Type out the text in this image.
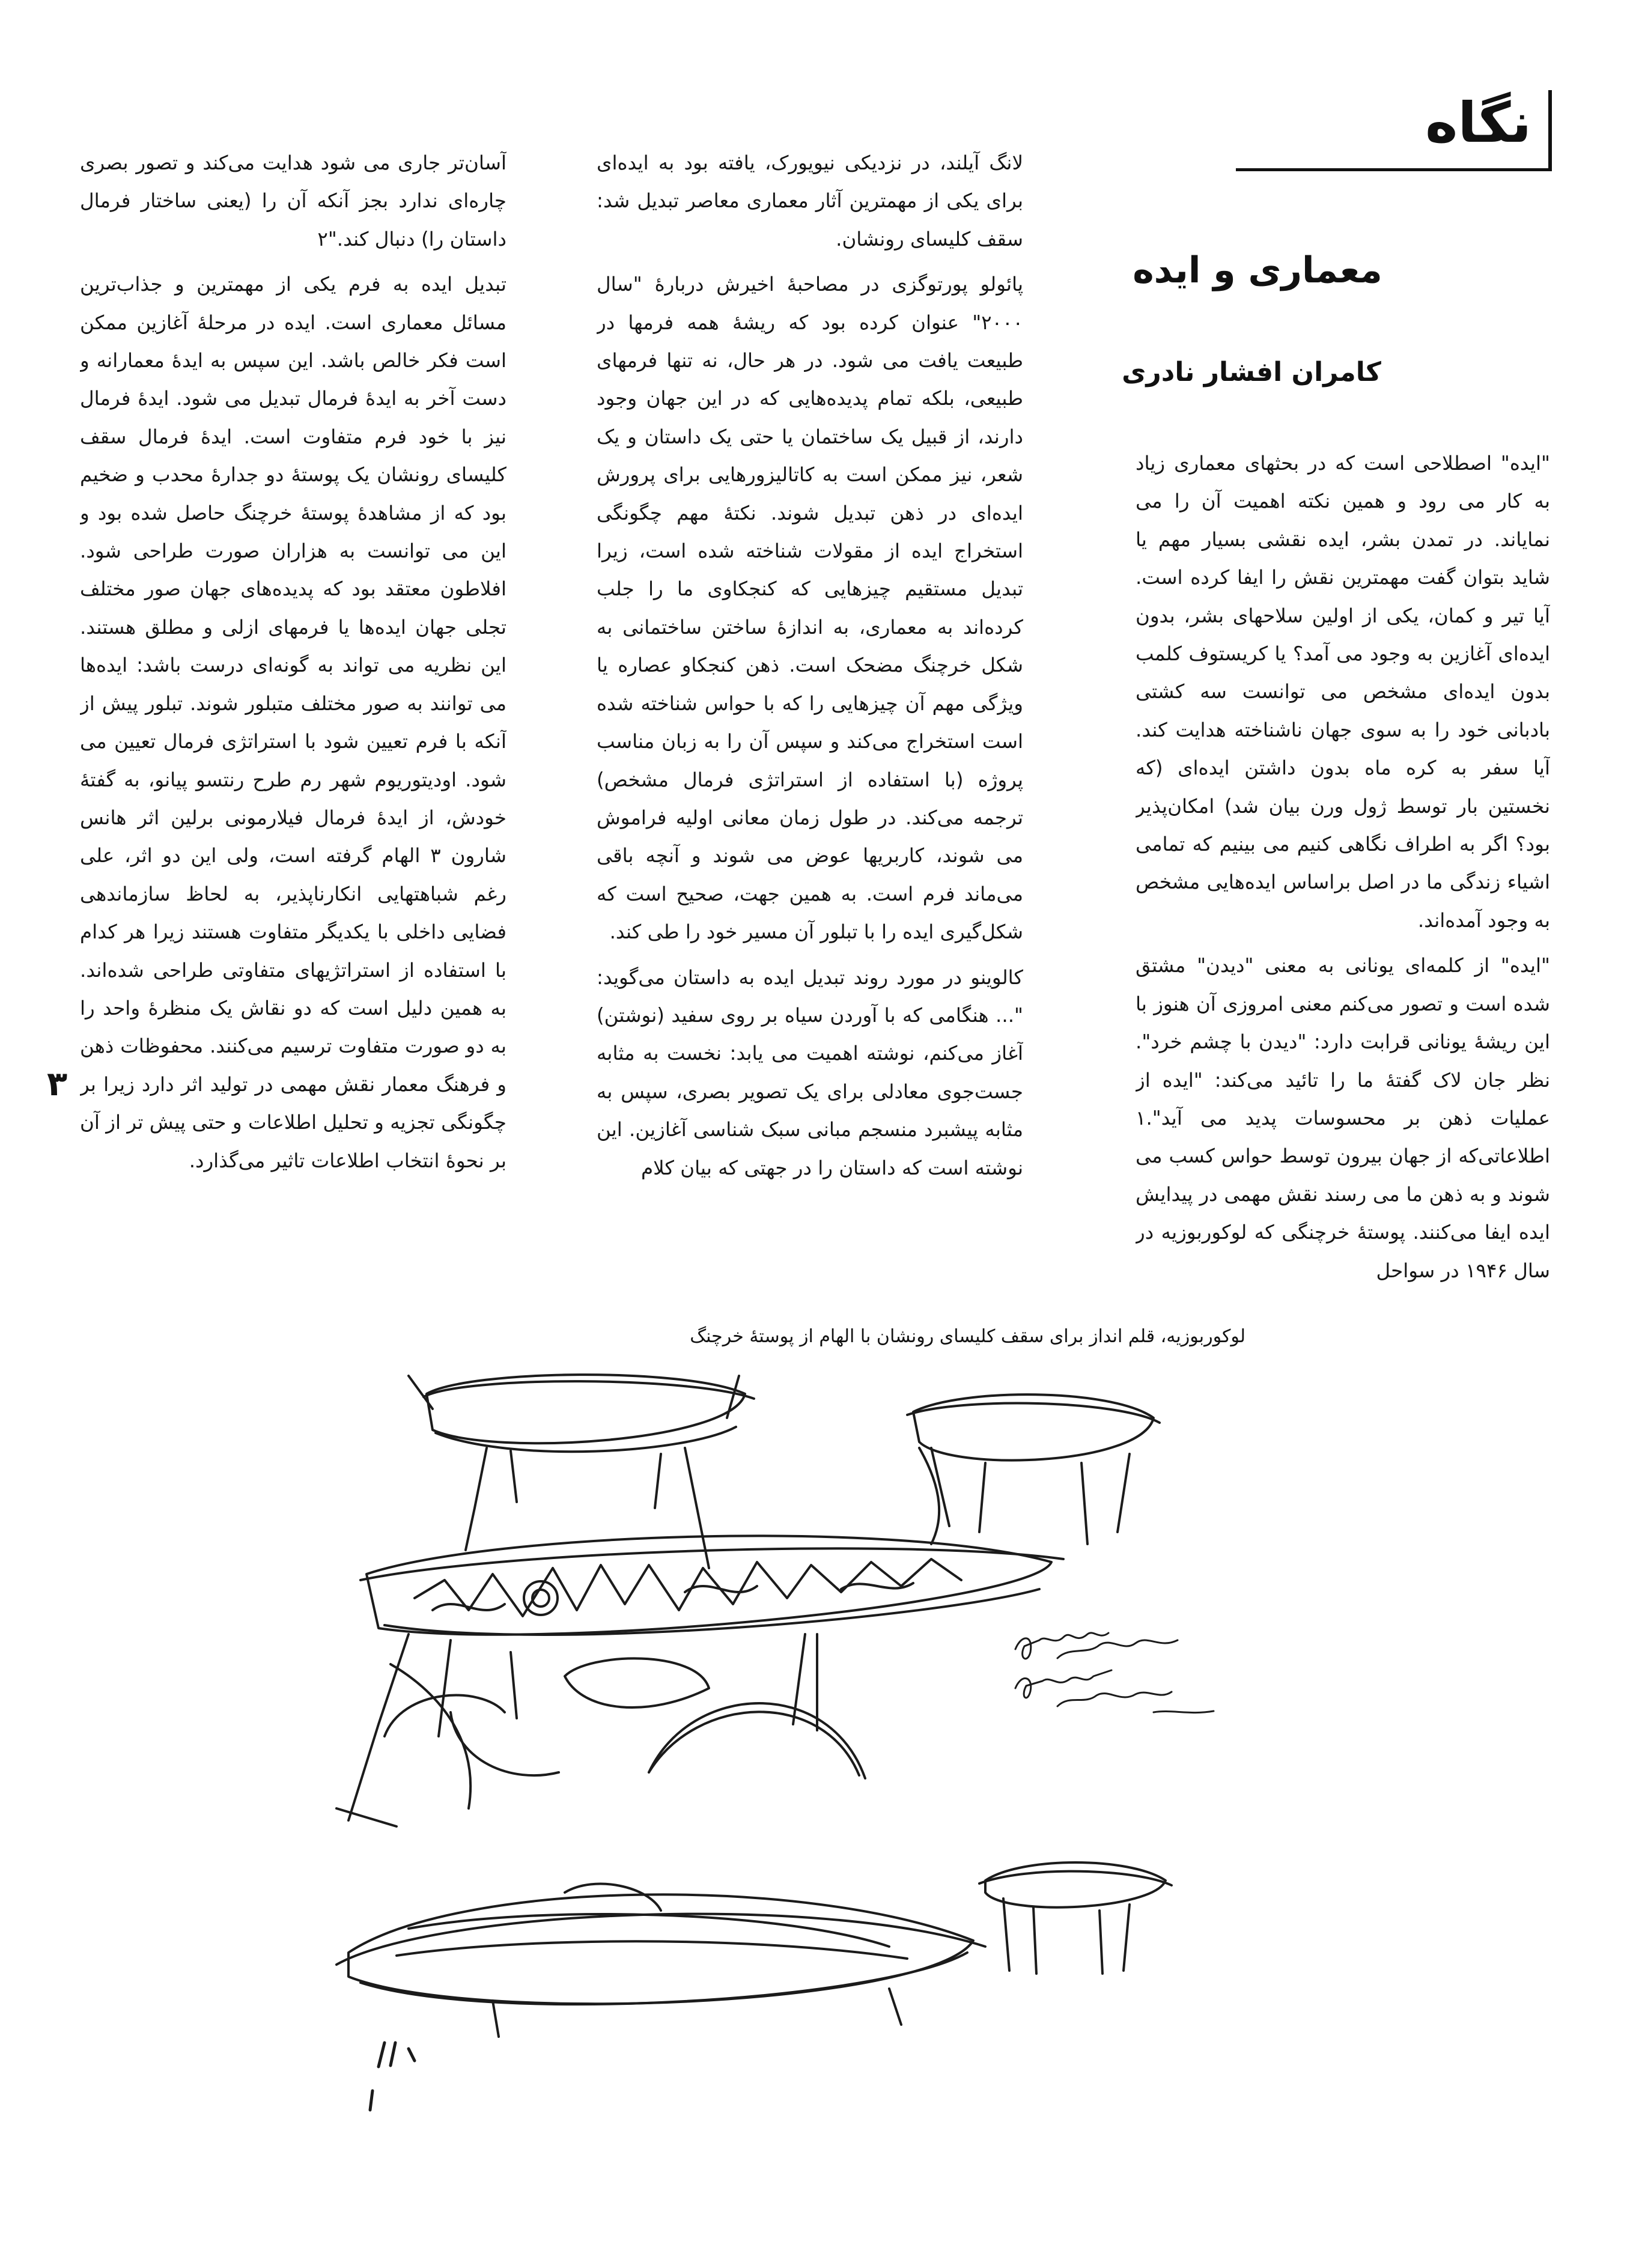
نگاه
معماری و ایده
کامران افشار نادری

"ایده" اصطلاحی است که در بحثهای معماری زیاد به کار می رود و همین نکته اهمیت آن را می نمایاند. در تمدن بشر، ایده نقشی بسیار مهم یا شاید بتوان گفت مهمترین نقش را ایفا کرده است. آیا تیر و کمان، یکی از اولین سلاحهای بشر، بدون ایده‌ای آغازین به وجود می آمد؟ یا کریستوف کلمب بدون ایده‌ای مشخص می توانست سه کشتی بادبانی خود را به سوی جهان ناشناخته هدایت کند. آیا سفر به کره ماه بدون داشتن ایده‌ای (که نخستین بار توسط ژول ورن بیان شد) امکان‌پذیر بود؟ اگر به اطراف نگاهی کنیم می بینیم که تمامی اشیاء زندگی ما در اصل براساس ایده‌هایی مشخص به وجود آمده‌اند.

"ایده" از کلمه‌ای یونانی به معنی "دیدن" مشتق شده است و تصور می‌کنم معنی امروزی آن هنوز با این ریشهٔ یونانی قرابت دارد: "دیدن با چشم خرد". نظر جان لاک گفتهٔ ما را تائید می‌کند: "ایده از عملیات ذهن بر محسوسات پدید می آید".۱ اطلاعاتی‌که از جهان بیرون توسط حواس کسب می شوند و به ذهن ما می رسند نقش مهمی در پیدایش ایده ایفا می‌کنند. پوستهٔ خرچنگی که لوکوربوزیه در سال ۱۹۴۶ در سواحل

لانگ آیلند، در نزدیکی نیویورک، یافته بود به ایده‌ای برای یکی از مهمترین آثار معماری معاصر تبدیل شد: سقف کلیسای رونشان.

پائولو پورتوگزی در مصاحبهٔ اخیرش دربارهٔ "سال ۲۰۰۰" عنوان کرده بود که ریشهٔ همه فرمها در طبیعت یافت می شود. در هر حال، نه تنها فرمهای طبیعی، بلکه تمام پدیده‌هایی که در این جهان وجود دارند، از قبیل یک ساختمان یا حتی یک داستان و یک شعر، نیز ممکن است به کاتالیزورهایی برای پرورش ایده‌ای در ذهن تبدیل شوند. نکتهٔ مهم چگونگی استخراج ایده از مقولات شناخته شده است، زیرا تبدیل مستقیم چیزهایی که کنجکاوی ما را جلب کرده‌اند به معماری، به اندازهٔ ساختن ساختمانی به شکل خرچنگ مضحک است. ذهن کنجکاو عصاره یا ویژگی مهم آن چیزهایی را که با حواس شناخته شده است استخراج می‌کند و سپس آن را به زبان مناسب پروژه (با استفاده از استراتژی فرمال مشخص) ترجمه می‌کند. در طول زمان معانی اولیه فراموش می شوند، کاربریها عوض می شوند و آنچه باقی می‌ماند فرم است. به همین جهت، صحیح است که شکل‌گیری ایده را با تبلور آن مسیر خود را طی کند.

کالوینو در مورد روند تبدیل ایده به داستان می‌گوید: "... هنگامی که با آوردن سیاه بر روی سفید (نوشتن) آغاز می‌کنم، نوشته اهمیت می یابد: نخست به مثابه جست‌جوی معادلی برای یک تصویر بصری، سپس به مثابه پیشبرد منسجم مبانی سبک شناسی آغازین. این نوشته است که داستان را در جهتی که بیان کلام

آسان‌تر جاری می شود هدایت می‌کند و تصور بصری چاره‌ای ندارد بجز آنکه آن را (یعنی ساختار فرمال داستان را) دنبال کند."۲

تبدیل ایده به فرم یکی از مهمترین و جذاب‌ترین مسائل معماری است. ایده در مرحلهٔ آغازین ممکن است فکر خالص باشد. این سپس به ایدهٔ معمارانه و دست آخر به ایدهٔ فرمال تبدیل می شود. ایدهٔ فرمال نیز با خود فرم متفاوت است. ایدهٔ فرمال سقف کلیسای رونشان یک پوستهٔ دو جدارهٔ محدب و ضخیم بود که از مشاهدهٔ پوستهٔ خرچنگ حاصل شده بود و این می توانست به هزاران صورت طراحی شود. افلاطون معتقد بود که پدیده‌های جهان صور مختلف تجلی جهان ایده‌ها یا فرمهای ازلی و مطلق هستند. این نظریه می تواند به گونه‌ای درست باشد: ایده‌ها می توانند به صور مختلف متبلور شوند. تبلور پیش از آنکه با فرم تعیین شود با استراتژی فرمال تعیین می شود. اودیتوریوم شهر رم طرح رنتسو پیانو، به گفتهٔ خودش، از ایدهٔ فرمال فیلارمونی برلین اثر هانس شارون ۳ الهام گرفته است، ولی این دو اثر، علی رغم شباهتهایی انکارناپذیر، به لحاظ سازماندهی فضایی داخلی با یکدیگر متفاوت هستند زیرا هر کدام با استفاده از استراتژیهای متفاوتی طراحی شده‌اند. به همین دلیل است که دو نقاش یک منظرهٔ واحد را به دو صورت متفاوت ترسیم می‌کنند. محفوظات ذهن و فرهنگ معمار نقش مهمی در تولید اثر دارد زیرا بر چگونگی تجزیه و تحلیل اطلاعات و حتی پیش تر از آن بر نحوهٔ انتخاب اطلاعات تاثیر می‌گذارد.

۳
لوکوربوزیه، قلم انداز برای سقف کلیسای رونشان با الهام از پوستهٔ خرچنگ
